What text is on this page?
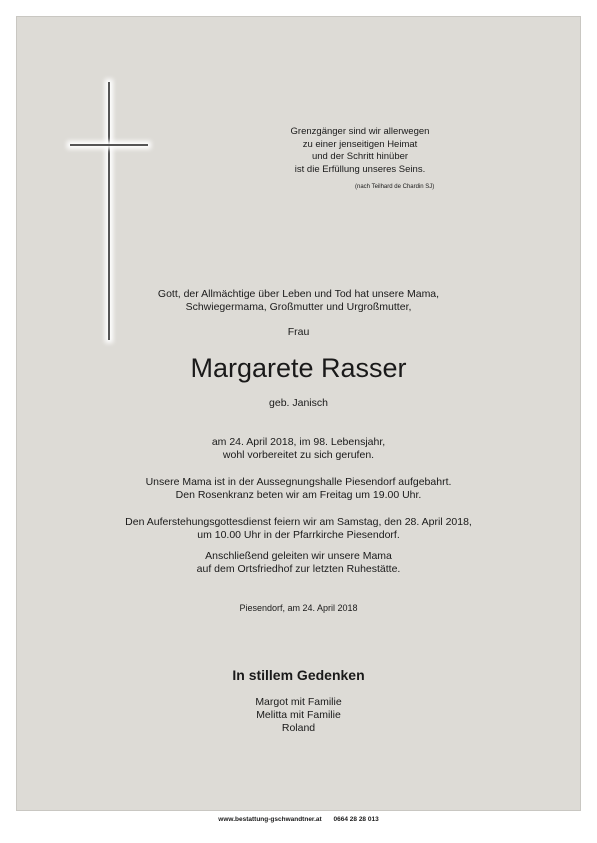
Grenzgänger sind wir allerwegen
zu einer jenseitigen Heimat
und der Schritt hinüber
ist die Erfüllung unseres Seins.
(nach Teilhard de Chardin SJ)
Gott, der Allmächtige über Leben und Tod hat unsere Mama,
Schwiegermama, Großmutter und Urgroßmutter,
Frau
Margarete Rasser
geb. Janisch
am 24. April 2018, im 98. Lebensjahr,
wohl vorbereitet zu sich gerufen.
Unsere Mama ist in der Aussegnungshalle Piesendorf aufgebahrt.
Den Rosenkranz beten wir am Freitag um 19.00 Uhr.
Den Auferstehungsgottesdienst feiern wir am Samstag, den 28. April 2018,
um 10.00 Uhr in der Pfarrkirche Piesendorf.
Anschließend geleiten wir unsere Mama
auf dem Ortsfriedhof zur letzten Ruhestätte.
Piesendorf, am 24. April 2018
In stillem Gedenken
Margot mit Familie
Melitta mit Familie
Roland
www.bestattung-gschwandtner.at 0664 28 28 013
